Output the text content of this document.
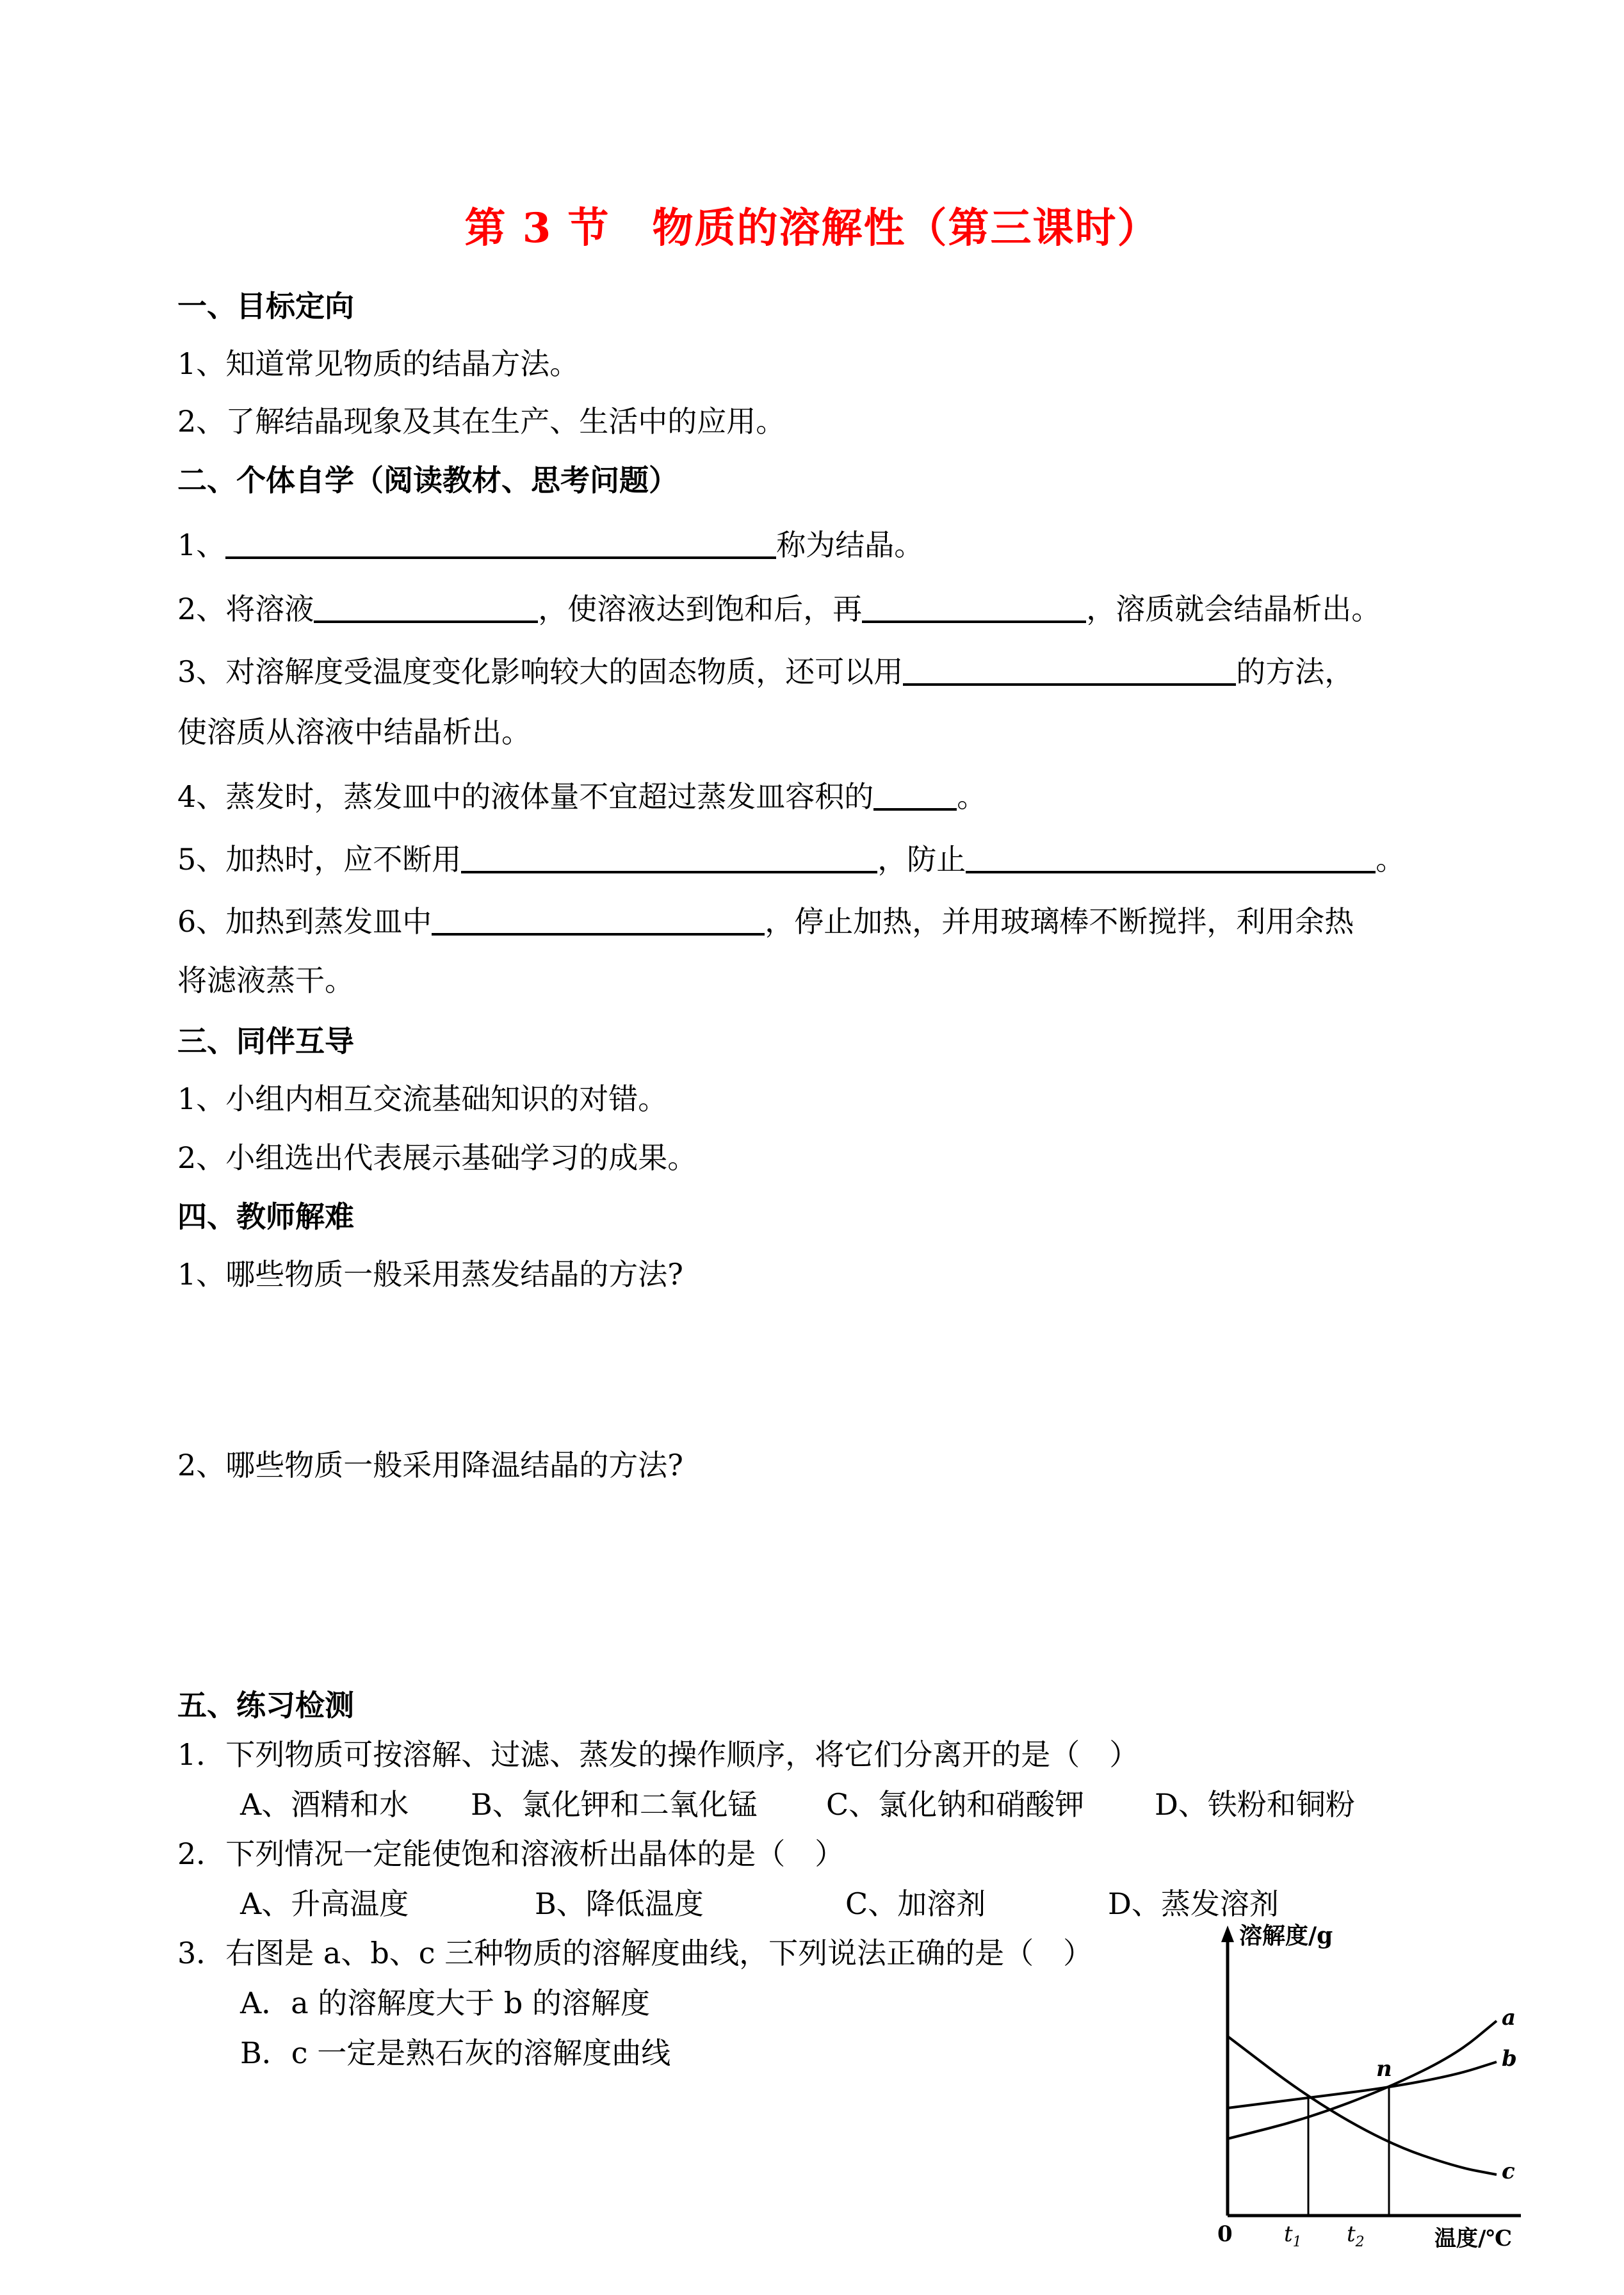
第 3 节　物质的溶解性（第三课时）
一、目标定向
1、知道常见物质的结晶方法。
2、了解结晶现象及其在生产、生活中的应用。
二、个体自学（阅读教材、思考问题）
1、	称为结晶。
2、将溶液	，使溶液达到饱和后，再	，溶质就会结晶析出。
3、对溶解度受温度变化影响较大的固态物质，还可以用	的方法，
使溶质从溶液中结晶析出。
4、蒸发时，蒸发皿中的液体量不宜超过蒸发皿容积的	。
5、加热时，应不断用	，防止	。
6、加热到蒸发皿中	，停止加热，并用玻璃棒不断搅拌，利用余热
将滤液蒸干。
三、同伴互导
1、小组内相互交流基础知识的对错。
2、小组选出代表展示基础学习的成果。
四、教师解难
1、哪些物质一般采用蒸发结晶的方法?
2、哪些物质一般采用降温结晶的方法?
五、练习检测
1．下列物质可按溶解、过滤、蒸发的操作顺序，将它们分离开的是（　）
A、酒精和水 B、氯化钾和二氧化锰 C、氯化钠和硝酸钾 D、铁粉和铜粉
2．下列情况一定能使饱和溶液析出晶体的是（　）
A、升高温度	B、降低温度	C、加溶剂	D、蒸发溶剂
3．右图是 a、b、c 三种物质的溶解度曲线，下列说法正确的是（　）
A．a 的溶解度大于 b 的溶解度
B．c 一定是熟石灰的溶解度曲线
溶解度/g
温度/℃
0 $t_1$ $t_2$
a
b
c
n
